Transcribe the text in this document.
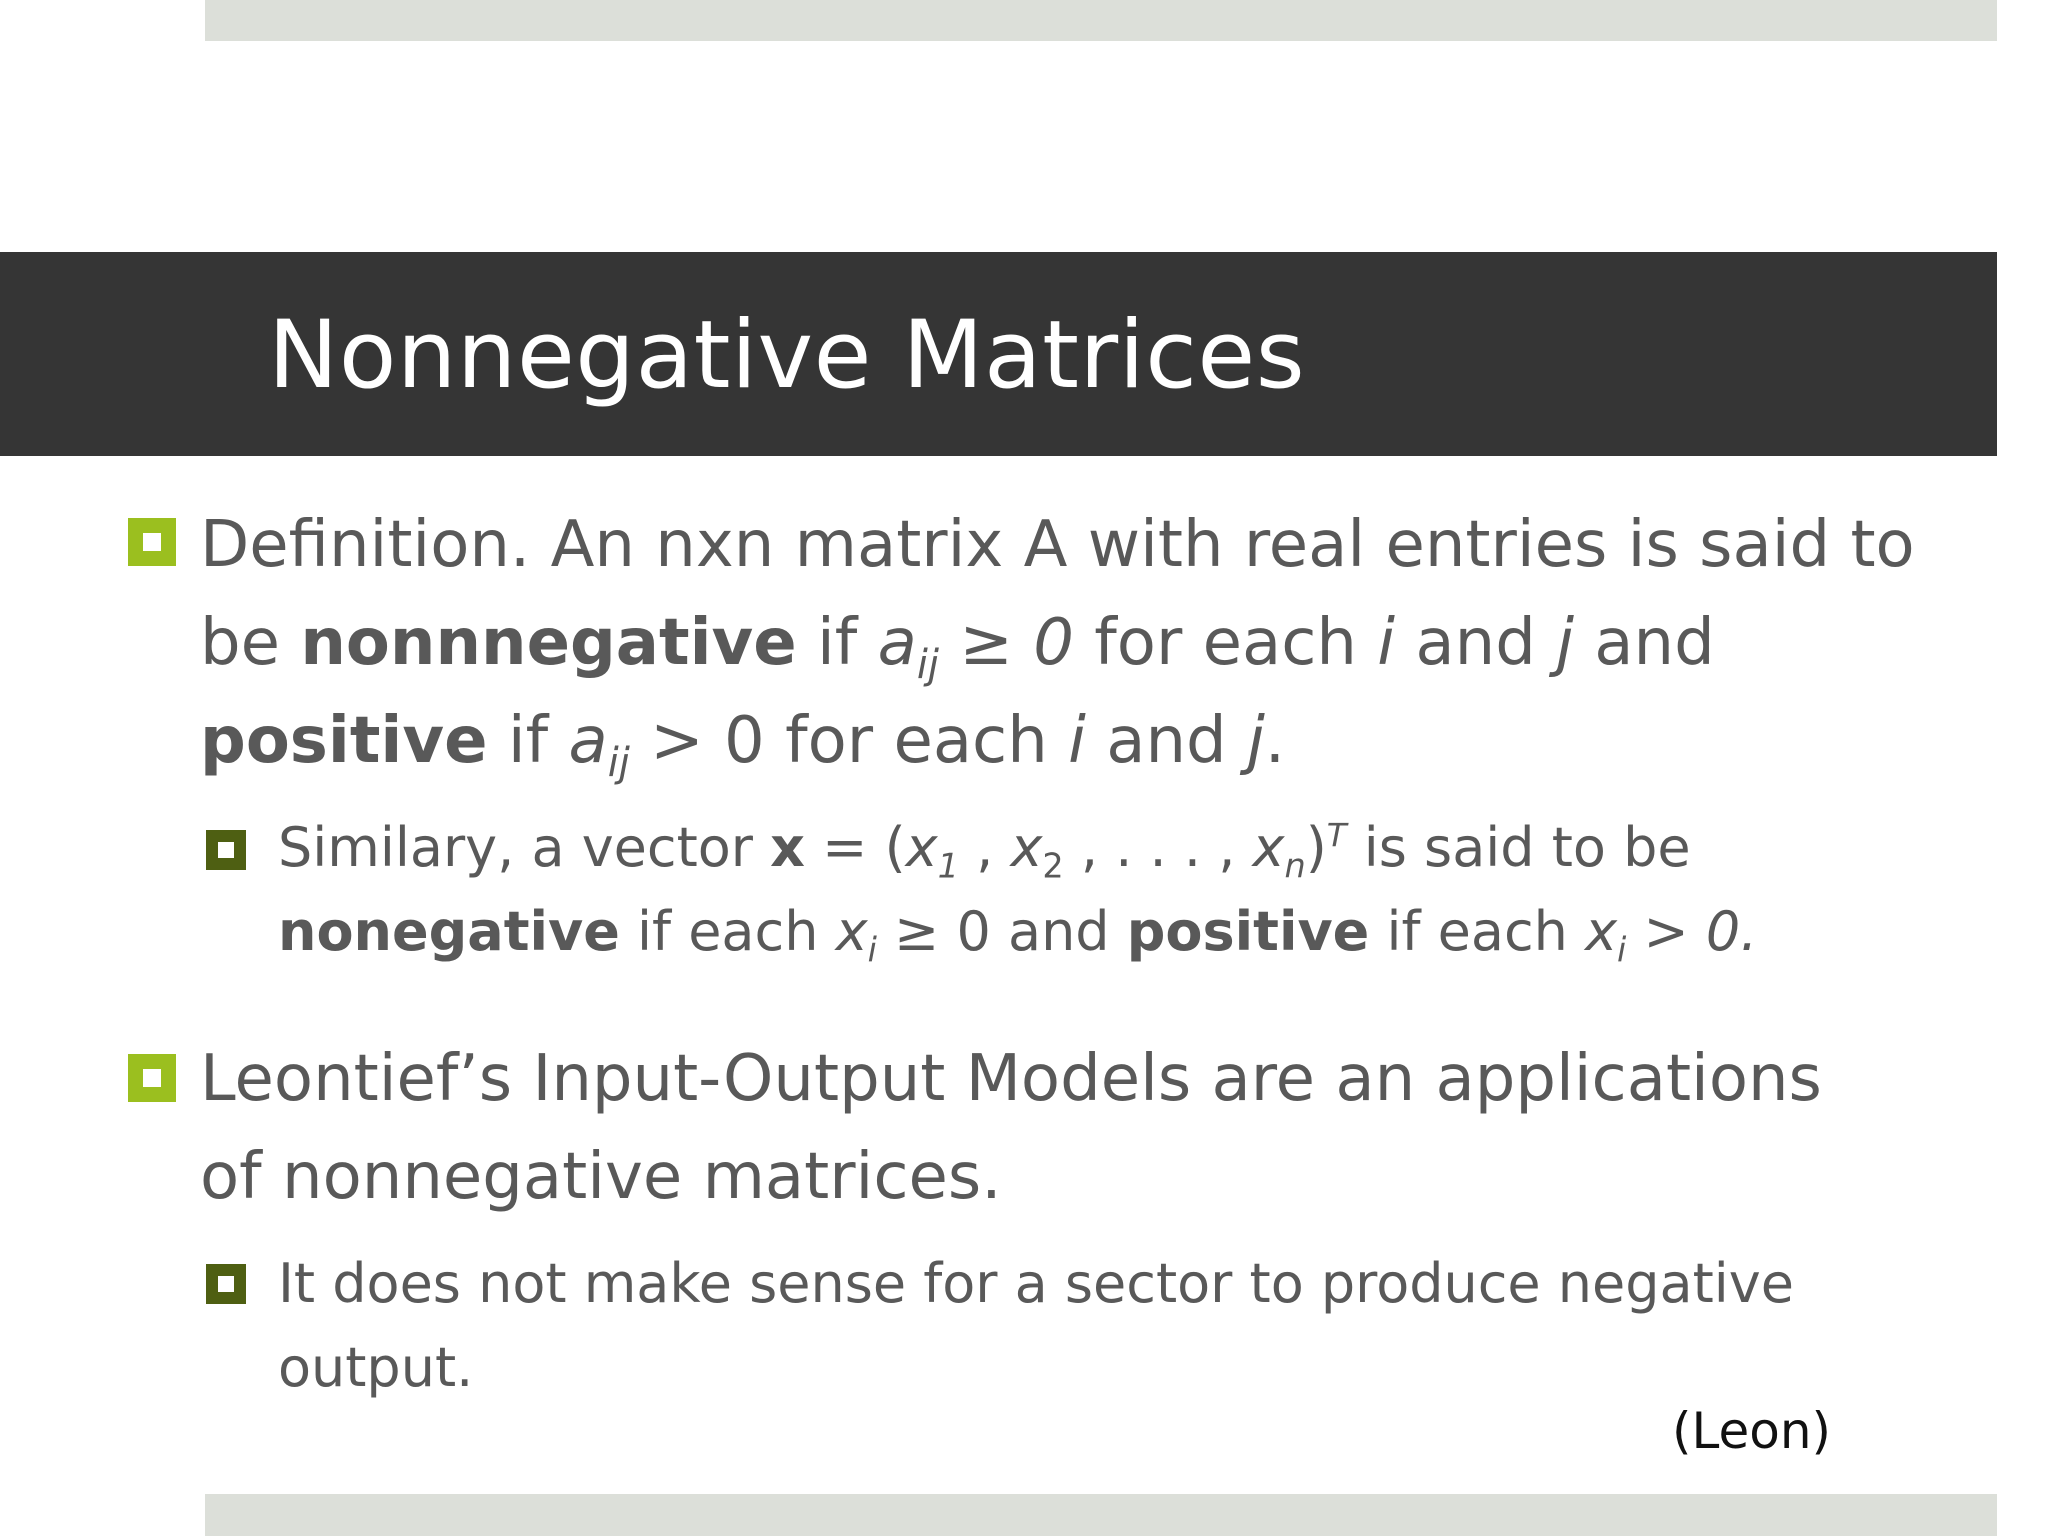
Nonnegative Matrices
Definition. An nxn matrix A with real entries is said to
be nonnnegative if $a_{ij} \ge 0$ for each i and j and
positive if $a_{ij} > 0$ for each i and j.
Similary, a vector $x = (x_1$ , $x_2$ , . . . , $x_n)^T$ is said to be
nonegative if each $x_i \ge 0$ and positive if each $x_i > 0$.
Leontief’s Input-Output Models are an applications
of nonnegative matrices.
It does not make sense for a sector to produce negative
output.
(Leon)
